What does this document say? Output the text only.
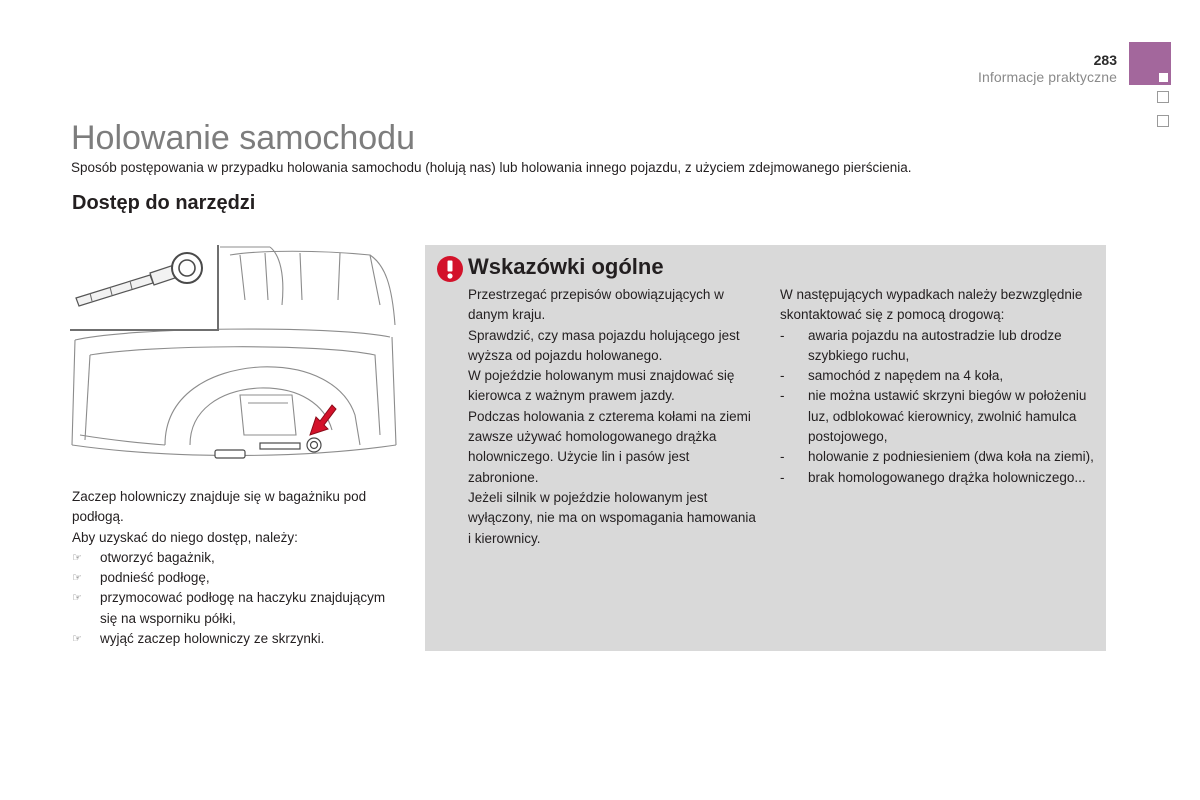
283
Informacje praktyczne
Holowanie samochodu

Sposób postępowania w przypadku holowania samochodu (holują nas) lub holowania innego pojazdu, z użyciem zdejmowanego pierścienia.

Dostęp do narzędzi

Zaczep holowniczy znajduje się w bagażniku pod podłogą.

Aby uzyskać do niego dostęp, należy:

☞ otworzyć bagażnik,
☞ podnieść podłogę,
☞ przymocować podłogę na haczyku znajdującym się na wsporniku półki,
☞ wyjąć zaczep holowniczy ze skrzynki.
Wskazówki ogólne

Przestrzegać przepisów obowiązujących w danym kraju.

Sprawdzić, czy masa pojazdu holującego jest wyższa od pojazdu holowanego.

W pojeździe holowanym musi znajdować się kierowca z ważnym prawem jazdy.

Podczas holowania z czterema kołami na ziemi zawsze używać homologowanego drążka holowniczego. Użycie lin i pasów jest zabronione.

Jeżeli silnik w pojeździe holowanym jest wyłączony, nie ma on wspomagania hamowania i kierownicy.

W następujących wypadkach należy bezwzględnie skontaktować się z pomocą drogową:

- awaria pojazdu na autostradzie lub drodze szybkiego ruchu,
- samochód z napędem na 4 koła,
- nie można ustawić skrzyni biegów w położeniu luz, odblokować kierownicy, zwolnić hamulca postojowego,
- holowanie z podniesieniem (dwa koła na ziemi),
- brak homologowanego drążka holowniczego...
